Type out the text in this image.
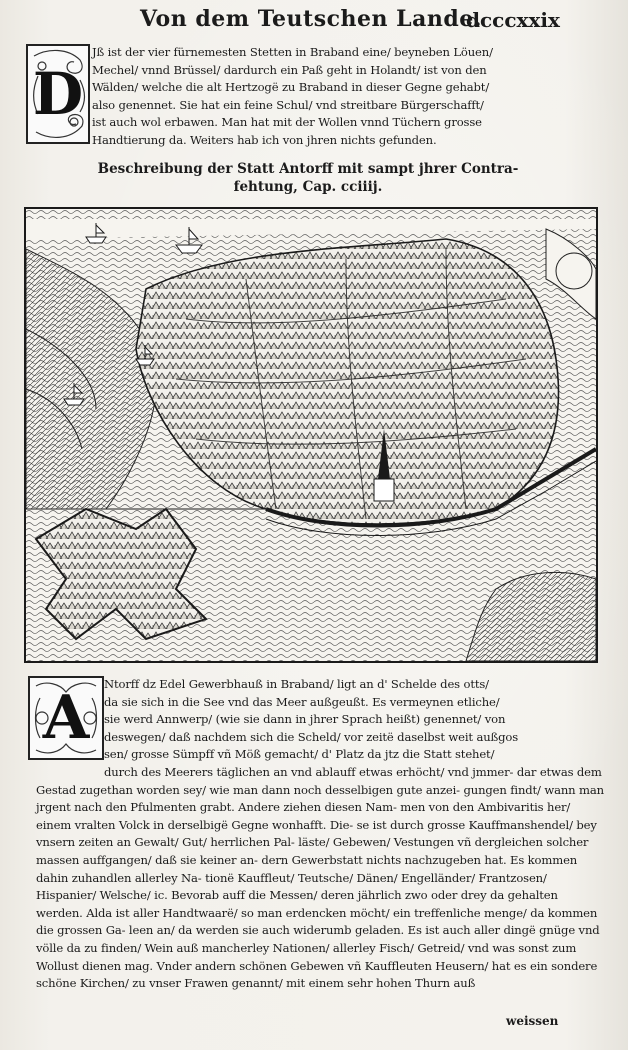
Von dem Teutschen Lande.
dcccxxix
D
Jß ist der vier fürnemesten Stetten in Braband eine/ beyneben Löuen/
Mechel/ vnnd Brüssel/ dardurch ein Paß geht in Holandt/ ist von den
Wälden/ welche die alt Hertzogë zu Braband in dieser Gegne gehabt/
also genennet. Sie hat ein feine Schul/ vnd streitbare Bürgerschafft/
ist auch wol erbawen. Man hat mit der Wollen vnnd Tüchern grosse
Handtierung da. Weiters hab ich von jhren nichts gefunden.
Beschreibung der Statt Antorff mit sampt jhrer Contra-
fehtung, Cap. cciiij.
A Ntorff dz Edel Gewerbhauß in Braband/ ligt an d' Schelde des otts/
da sie sich in die See vnd das Meer außgeußt. Es vermeynen etliche/
sie werd Annwerp/ (wie sie dann in jhrer Sprach heißt) genennet/ von
deswegen/ daß nachdem sich die Scheld/ vor zeitë daselbst weit außgos
sen/ grosse Sümpff vñ Möß gemacht/ d' Platz da jtz die Statt stehet/
durch des Meerers täglichen an vnd ablauff etwas erhöcht/ vnd jmmer- dar etwas dem Gestad zugethan worden sey/ wie man dann noch desselbigen gute anzei- gungen findt/ wann man jrgent nach den Pfulmenten grabt. Andere ziehen diesen Nam- men von den Ambivaritis her/ einem vralten Volck in derselbigë Gegne wonhafft. Die- se ist durch grosse Kauffmanshendel/ bey vnsern zeiten an Gewalt/ Gut/ herrlichen Pal- läste/ Gebewen/ Vestungen vñ dergleichen solcher massen auffgangen/ daß sie keiner an- dern Gewerbstatt nichts nachzugeben hat. Es kommen dahin zuhandlen allerley Na- tionë Kauffleut/ Teutsche/ Dänen/ Engelländer/ Frantzosen/ Hispanier/ Welsche/ ic. Bevorab auff die Messen/ deren jährlich zwo oder drey da gehalten werden. Alda ist aller Handtwaarë/ so man erdencken möcht/ ein treffenliche menge/ da kommen die grossen Ga- leen an/ da werden sie auch widerumb geladen. Es ist auch aller dingë gnüge vnd völle da zu finden/ Wein auß mancherley Nationen/ allerley Fisch/ Getreid/ vnd was sonst zum Wollust dienen mag. Vnder andern schönen Gebewen vñ Kauffleuten Heusern/ hat es ein sondere schöne Kirchen/ zu vnser Frawen genannt/ mit einem sehr hohen Thurn auß
weissen
